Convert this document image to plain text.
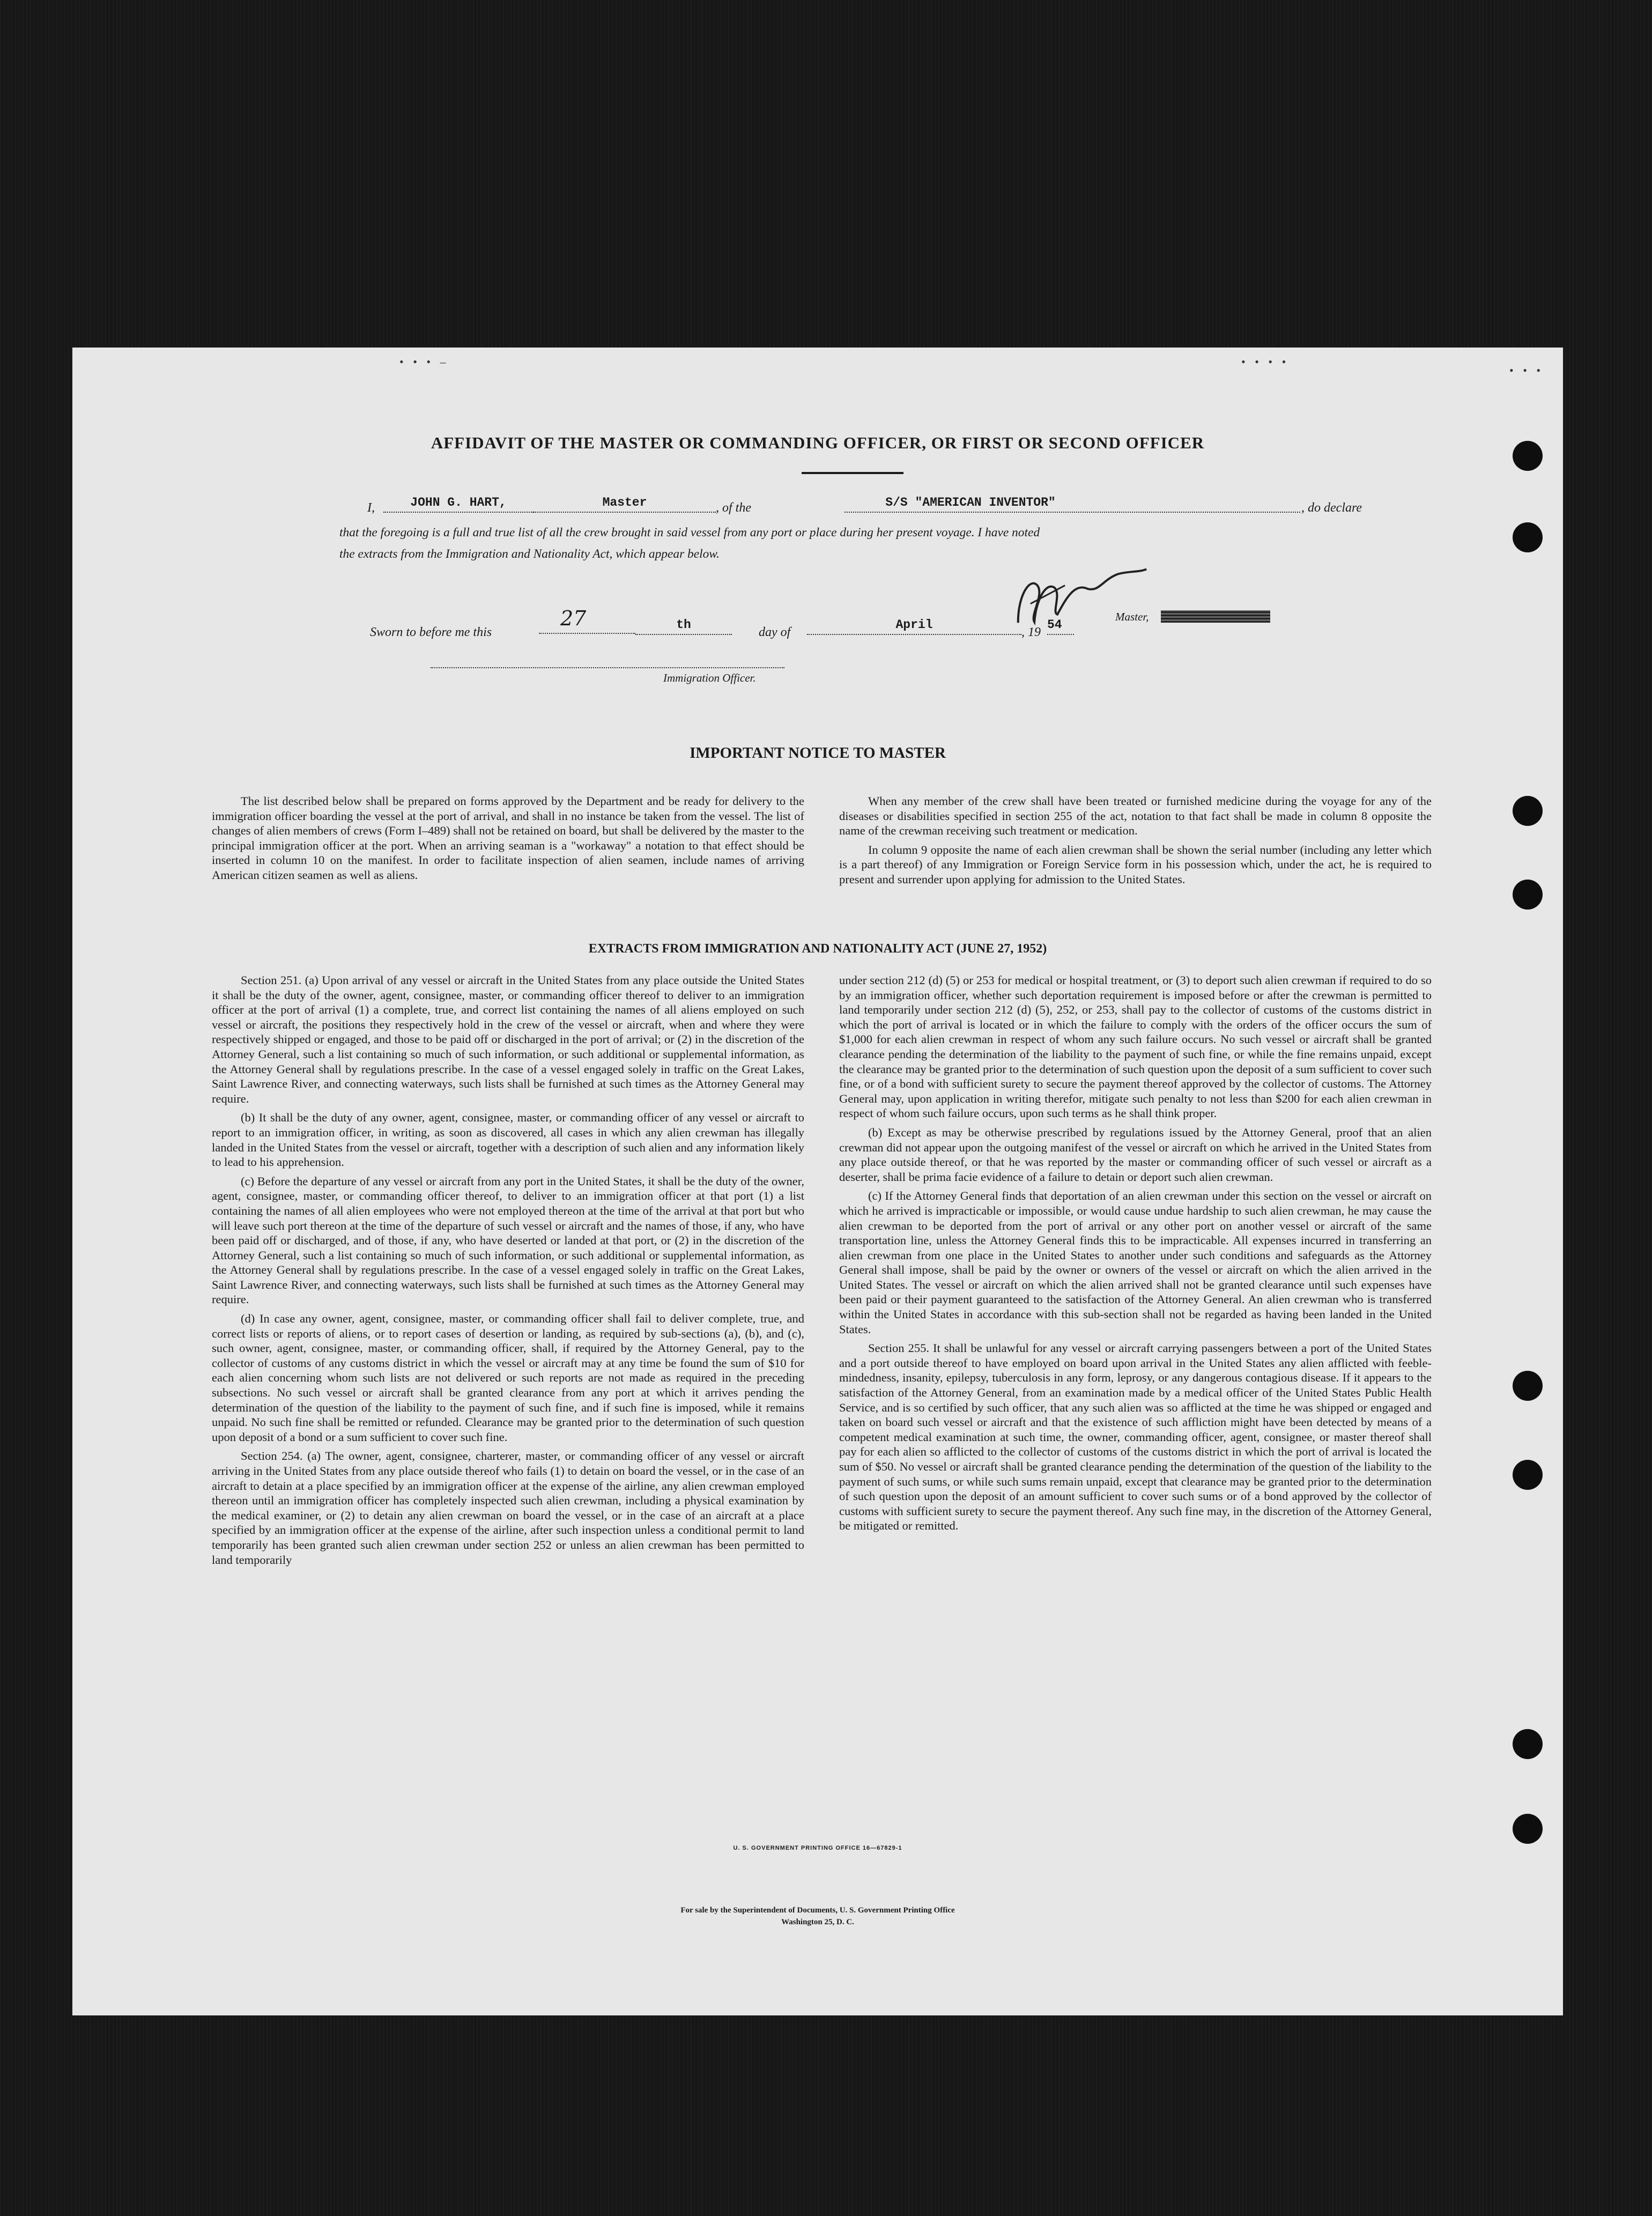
• • • –	• • • •
• • •
AFFIDAVIT OF THE MASTER OR COMMANDING OFFICER, OR FIRST OR SECOND OFFICER
I,	JOHN G. HART,	Master	, of the	S/S "AMERICAN INVENTOR"	, do declare
that the foregoing is a full and true list of all the crew brought in said vessel from any port or place during her present voyage. I have noted
the extracts from the Immigration and Nationality Act, which appear below.
Master,
Sworn to before me this
27	th
day of
April
, 19
54
Immigration Officer.
IMPORTANT NOTICE TO MASTER

The list described below shall be prepared on forms approved by the Department and be ready for delivery to the immigration officer boarding the vessel at the port of arrival, and shall in no instance be taken from the vessel. The list of changes of alien members of crews (Form I–489) shall not be retained on board, but shall be delivered by the master to the principal immigration officer at the port. When an arriving seaman is a "workaway" a notation to that effect should be inserted in column 10 on the manifest. In order to facilitate inspection of alien seamen, include names of arriving American citizen seamen as well as aliens.

When any member of the crew shall have been treated or furnished medicine during the voyage for any of the diseases or disabilities specified in section 255 of the act, notation to that fact shall be made in column 8 opposite the name of the crewman receiving such treatment or medication.

In column 9 opposite the name of each alien crewman shall be shown the serial number (including any letter which is a part thereof) of any Immigration or Foreign Service form in his possession which, under the act, he is required to present and surrender upon applying for admission to the United States.

EXTRACTS FROM IMMIGRATION AND NATIONALITY ACT (JUNE 27, 1952)

Section 251. (a) Upon arrival of any vessel or aircraft in the United States from any place outside the United States it shall be the duty of the owner, agent, consignee, master, or commanding officer thereof to deliver to an immigration officer at the port of arrival (1) a complete, true, and correct list containing the names of all aliens employed on such vessel or aircraft, the positions they respectively hold in the crew of the vessel or aircraft, when and where they were respectively shipped or engaged, and those to be paid off or discharged in the port of arrival; or (2) in the discretion of the Attorney General, such a list containing so much of such information, or such additional or supplemental information, as the Attorney General shall by regulations prescribe. In the case of a vessel engaged solely in traffic on the Great Lakes, Saint Lawrence River, and connecting waterways, such lists shall be furnished at such times as the Attorney General may require.

(b) It shall be the duty of any owner, agent, consignee, master, or commanding officer of any vessel or aircraft to report to an immigration officer, in writing, as soon as discovered, all cases in which any alien crewman has illegally landed in the United States from the vessel or aircraft, together with a description of such alien and any information likely to lead to his apprehension.

(c) Before the departure of any vessel or aircraft from any port in the United States, it shall be the duty of the owner, agent, consignee, master, or commanding officer thereof, to deliver to an immigration officer at that port (1) a list containing the names of all alien employees who were not employed thereon at the time of the arrival at that port but who will leave such port thereon at the time of the departure of such vessel or aircraft and the names of those, if any, who have been paid off or discharged, and of those, if any, who have deserted or landed at that port, or (2) in the discretion of the Attorney General, such a list containing so much of such information, or such additional or supplemental information, as the Attorney General shall by regulations prescribe. In the case of a vessel engaged solely in traffic on the Great Lakes, Saint Lawrence River, and connecting waterways, such lists shall be furnished at such times as the Attorney General may require.

(d) In case any owner, agent, consignee, master, or commanding officer shall fail to deliver complete, true, and correct lists or reports of aliens, or to report cases of desertion or landing, as required by sub-sections (a), (b), and (c), such owner, agent, consignee, master, or commanding officer, shall, if required by the Attorney General, pay to the collector of customs of any customs district in which the vessel or aircraft may at any time be found the sum of $10 for each alien concerning whom such lists are not delivered or such reports are not made as required in the preceding subsections. No such vessel or aircraft shall be granted clearance from any port at which it arrives pending the determination of the question of the liability to the payment of such fine, and if such fine is imposed, while it remains unpaid. No such fine shall be remitted or refunded. Clearance may be granted prior to the determination of such question upon deposit of a bond or a sum sufficient to cover such fine.

Section 254. (a) The owner, agent, consignee, charterer, master, or commanding officer of any vessel or aircraft arriving in the United States from any place outside thereof who fails (1) to detain on board the vessel, or in the case of an aircraft to detain at a place specified by an immigration officer at the expense of the airline, any alien crewman employed thereon until an immigration officer has completely inspected such alien crewman, including a physical examination by the medical examiner, or (2) to detain any alien crewman on board the vessel, or in the case of an aircraft at a place specified by an immigration officer at the expense of the airline, after such inspection unless a conditional permit to land temporarily has been granted such alien crewman under section 252 or unless an alien crewman has been permitted to land temporarily

under section 212 (d) (5) or 253 for medical or hospital treatment, or (3) to deport such alien crewman if required to do so by an immigration officer, whether such deportation requirement is imposed before or after the crewman is permitted to land temporarily under section 212 (d) (5), 252, or 253, shall pay to the collector of customs of the customs district in which the port of arrival is located or in which the failure to comply with the orders of the officer occurs the sum of $1,000 for each alien crewman in respect of whom any such failure occurs. No such vessel or aircraft shall be granted clearance pending the determination of the liability to the payment of such fine, or while the fine remains unpaid, except the clearance may be granted prior to the determination of such question upon the deposit of a sum sufficient to cover such fine, or of a bond with sufficient surety to secure the payment thereof approved by the collector of customs. The Attorney General may, upon application in writing therefor, mitigate such penalty to not less than $200 for each alien crewman in respect of whom such failure occurs, upon such terms as he shall think proper.

(b) Except as may be otherwise prescribed by regulations issued by the Attorney General, proof that an alien crewman did not appear upon the outgoing manifest of the vessel or aircraft on which he arrived in the United States from any place outside thereof, or that he was reported by the master or commanding officer of such vessel or aircraft as a deserter, shall be prima facie evidence of a failure to detain or deport such alien crewman.

(c) If the Attorney General finds that deportation of an alien crewman under this section on the vessel or aircraft on which he arrived is impracticable or impossible, or would cause undue hardship to such alien crewman, he may cause the alien crewman to be deported from the port of arrival or any other port on another vessel or aircraft of the same transportation line, unless the Attorney General finds this to be impracticable. All expenses incurred in transferring an alien crewman from one place in the United States to another under such conditions and safeguards as the Attorney General shall impose, shall be paid by the owner or owners of the vessel or aircraft on which the alien arrived in the United States. The vessel or aircraft on which the alien arrived shall not be granted clearance until such expenses have been paid or their payment guaranteed to the satisfaction of the Attorney General. An alien crewman who is transferred within the United States in accordance with this sub-section shall not be regarded as having been landed in the United States.

Section 255. It shall be unlawful for any vessel or aircraft carrying passengers between a port of the United States and a port outside thereof to have employed on board upon arrival in the United States any alien afflicted with feeble-mindedness, insanity, epilepsy, tuberculosis in any form, leprosy, or any dangerous contagious disease. If it appears to the satisfaction of the Attorney General, from an examination made by a medical officer of the United States Public Health Service, and is so certified by such officer, that any such alien was so afflicted at the time he was shipped or engaged and taken on board such vessel or aircraft and that the existence of such affliction might have been detected by means of a competent medical examination at such time, the owner, commanding officer, agent, consignee, or master thereof shall pay for each alien so afflicted to the collector of customs of the customs district in which the port of arrival is located the sum of $50. No vessel or aircraft shall be granted clearance pending the determination of the question of the liability to the payment of such sums, or while such sums remain unpaid, except that clearance may be granted prior to the determination of such question upon the deposit of an amount sufficient to cover such sums or of a bond approved by the collector of customs with sufficient surety to secure the payment thereof. Any such fine may, in the discretion of the Attorney General, be mitigated or remitted.

U. S. GOVERNMENT PRINTING OFFICE 16—67829-1
For sale by the Superintendent of Documents, U. S. Government Printing Office
Washington 25, D. C.
